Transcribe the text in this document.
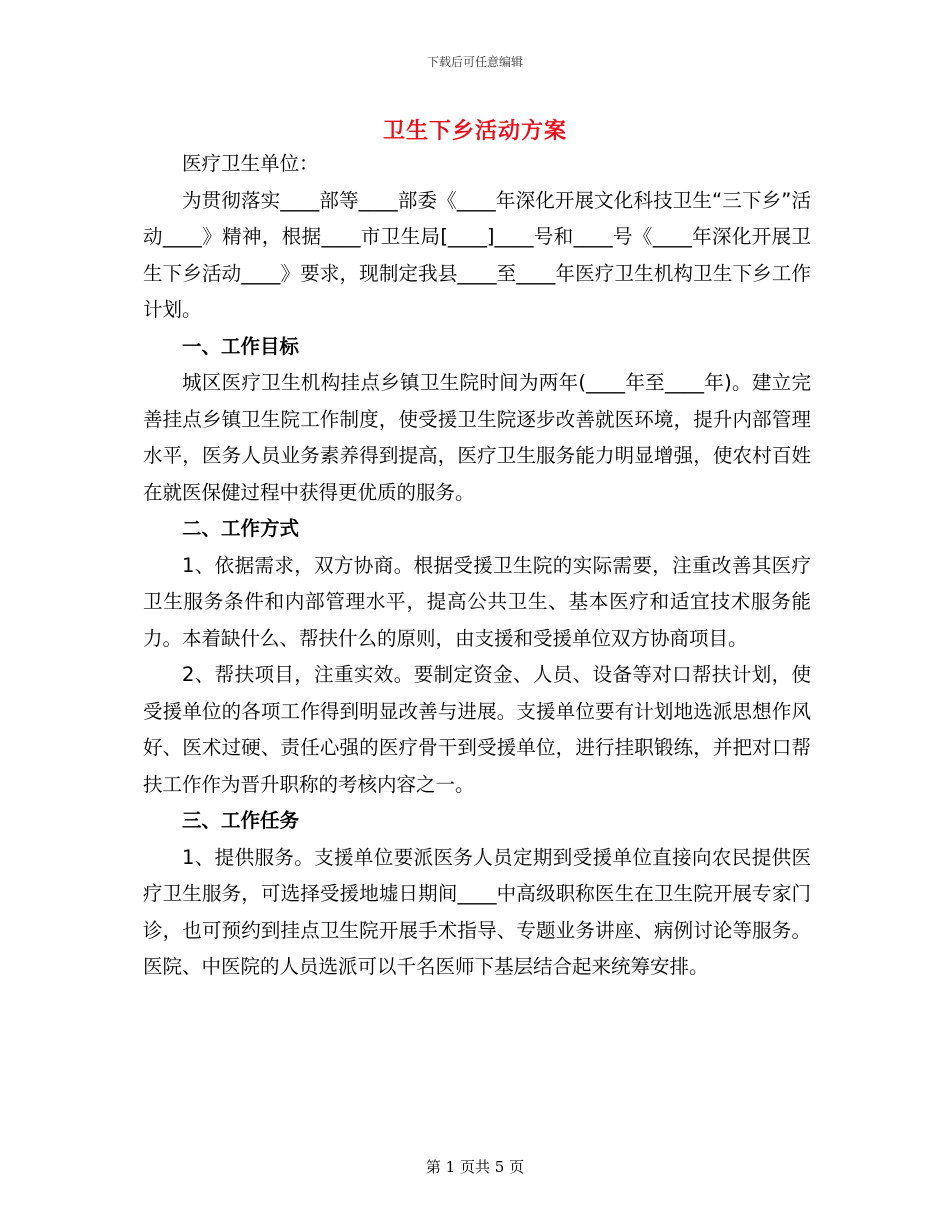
下载后可任意编辑
卫生下乡活动方案

医疗卫生单位：

为贯彻落实____部等____部委《____年深化开展文化科技卫生“三下乡”活动____》精神，根据____市卫生局[____]____号和____号《____年深化开展卫生下乡活动____》要求，现制定我县____至____年医疗卫生机构卫生下乡工作计划。

一、工作目标

城区医疗卫生机构挂点乡镇卫生院时间为两年(____年至____年)。建立完善挂点乡镇卫生院工作制度，使受援卫生院逐步改善就医环境，提升内部管理水平，医务人员业务素养得到提高，医疗卫生服务能力明显增强，使农村百姓在就医保健过程中获得更优质的服务。

二、工作方式

1、依据需求，双方协商。根据受援卫生院的实际需要，注重改善其医疗卫生服务条件和内部管理水平，提高公共卫生、基本医疗和适宜技术服务能力。本着缺什么、帮扶什么的原则，由支援和受援单位双方协商项目。

2、帮扶项目，注重实效。要制定资金、人员、设备等对口帮扶计划，使受援单位的各项工作得到明显改善与进展。支援单位要有计划地选派思想作风好、医术过硬、责任心强的医疗骨干到受援单位，进行挂职锻练，并把对口帮扶工作作为晋升职称的考核内容之一。

三、工作任务

1、提供服务。支援单位要派医务人员定期到受援单位直接向农民提供医疗卫生服务，可选择受援地墟日期间____中高级职称医生在卫生院开展专家门诊，也可预约到挂点卫生院开展手术指导、专题业务讲座、病例讨论等服务。医院、中医院的人员选派可以千名医师下基层结合起来统筹安排。

第 1 页共 5 页
